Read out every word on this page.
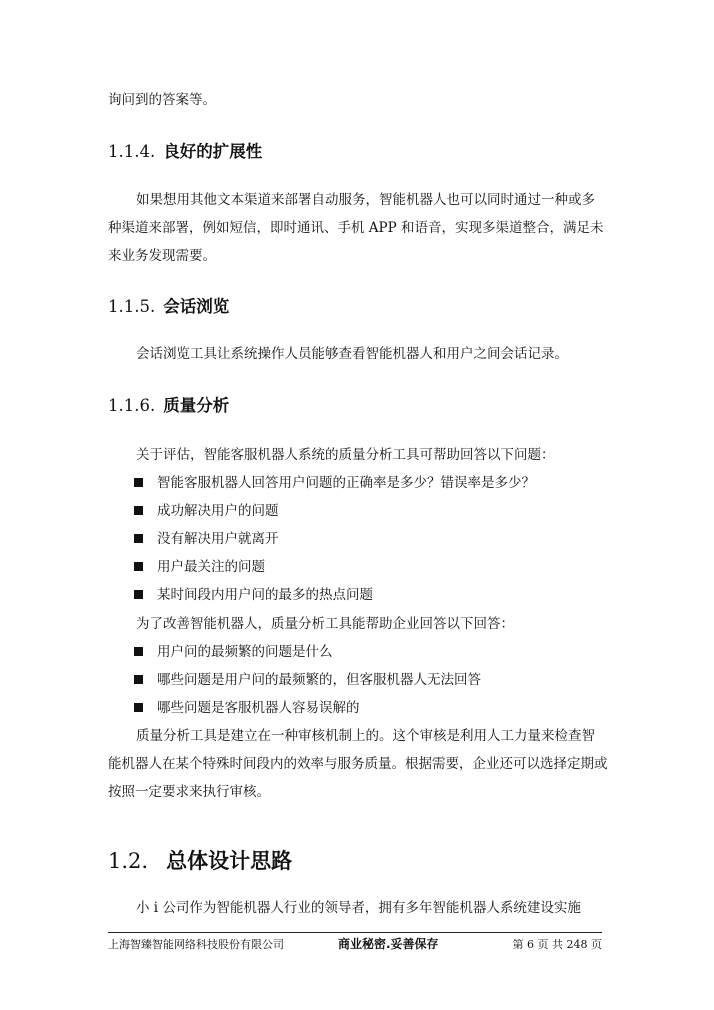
询问到的答案等。

1.1.4. 良好的扩展性

如果想用其他文本渠道来部署自动服务，智能机器人也可以同时通过一种或多种渠道来部署，例如短信，即时通讯、手机 APP 和语音，实现多渠道整合，满足未来业务发现需要。

1.1.5. 会话浏览

会话浏览工具让系统操作人员能够查看智能机器人和用户之间会话记录。

1.1.6. 质量分析

关于评估，智能客服机器人系统的质量分析工具可帮助回答以下问题：

智能客服机器人回答用户问题的正确率是多少？错误率是多少？
成功解决用户的问题
没有解决用户就离开
用户最关注的问题
某时间段内用户问的最多的热点问题

为了改善智能机器人，质量分析工具能帮助企业回答以下回答：

用户问的最频繁的问题是什么
哪些问题是用户问的最频繁的，但客服机器人无法回答
哪些问题是客服机器人容易误解的

质量分析工具是建立在一种审核机制上的。这个审核是利用人工力量来检查智能机器人在某个特殊时间段内的效率与服务质量。根据需要，企业还可以选择定期或按照一定要求来执行审核。

1.2. 总体设计思路

小 i 公司作为智能机器人行业的领导者，拥有多年智能机器人系统建设实施

上海智臻智能网络科技股份有限公司	商业秘密.妥善保存	第 6 页 共 248 页
